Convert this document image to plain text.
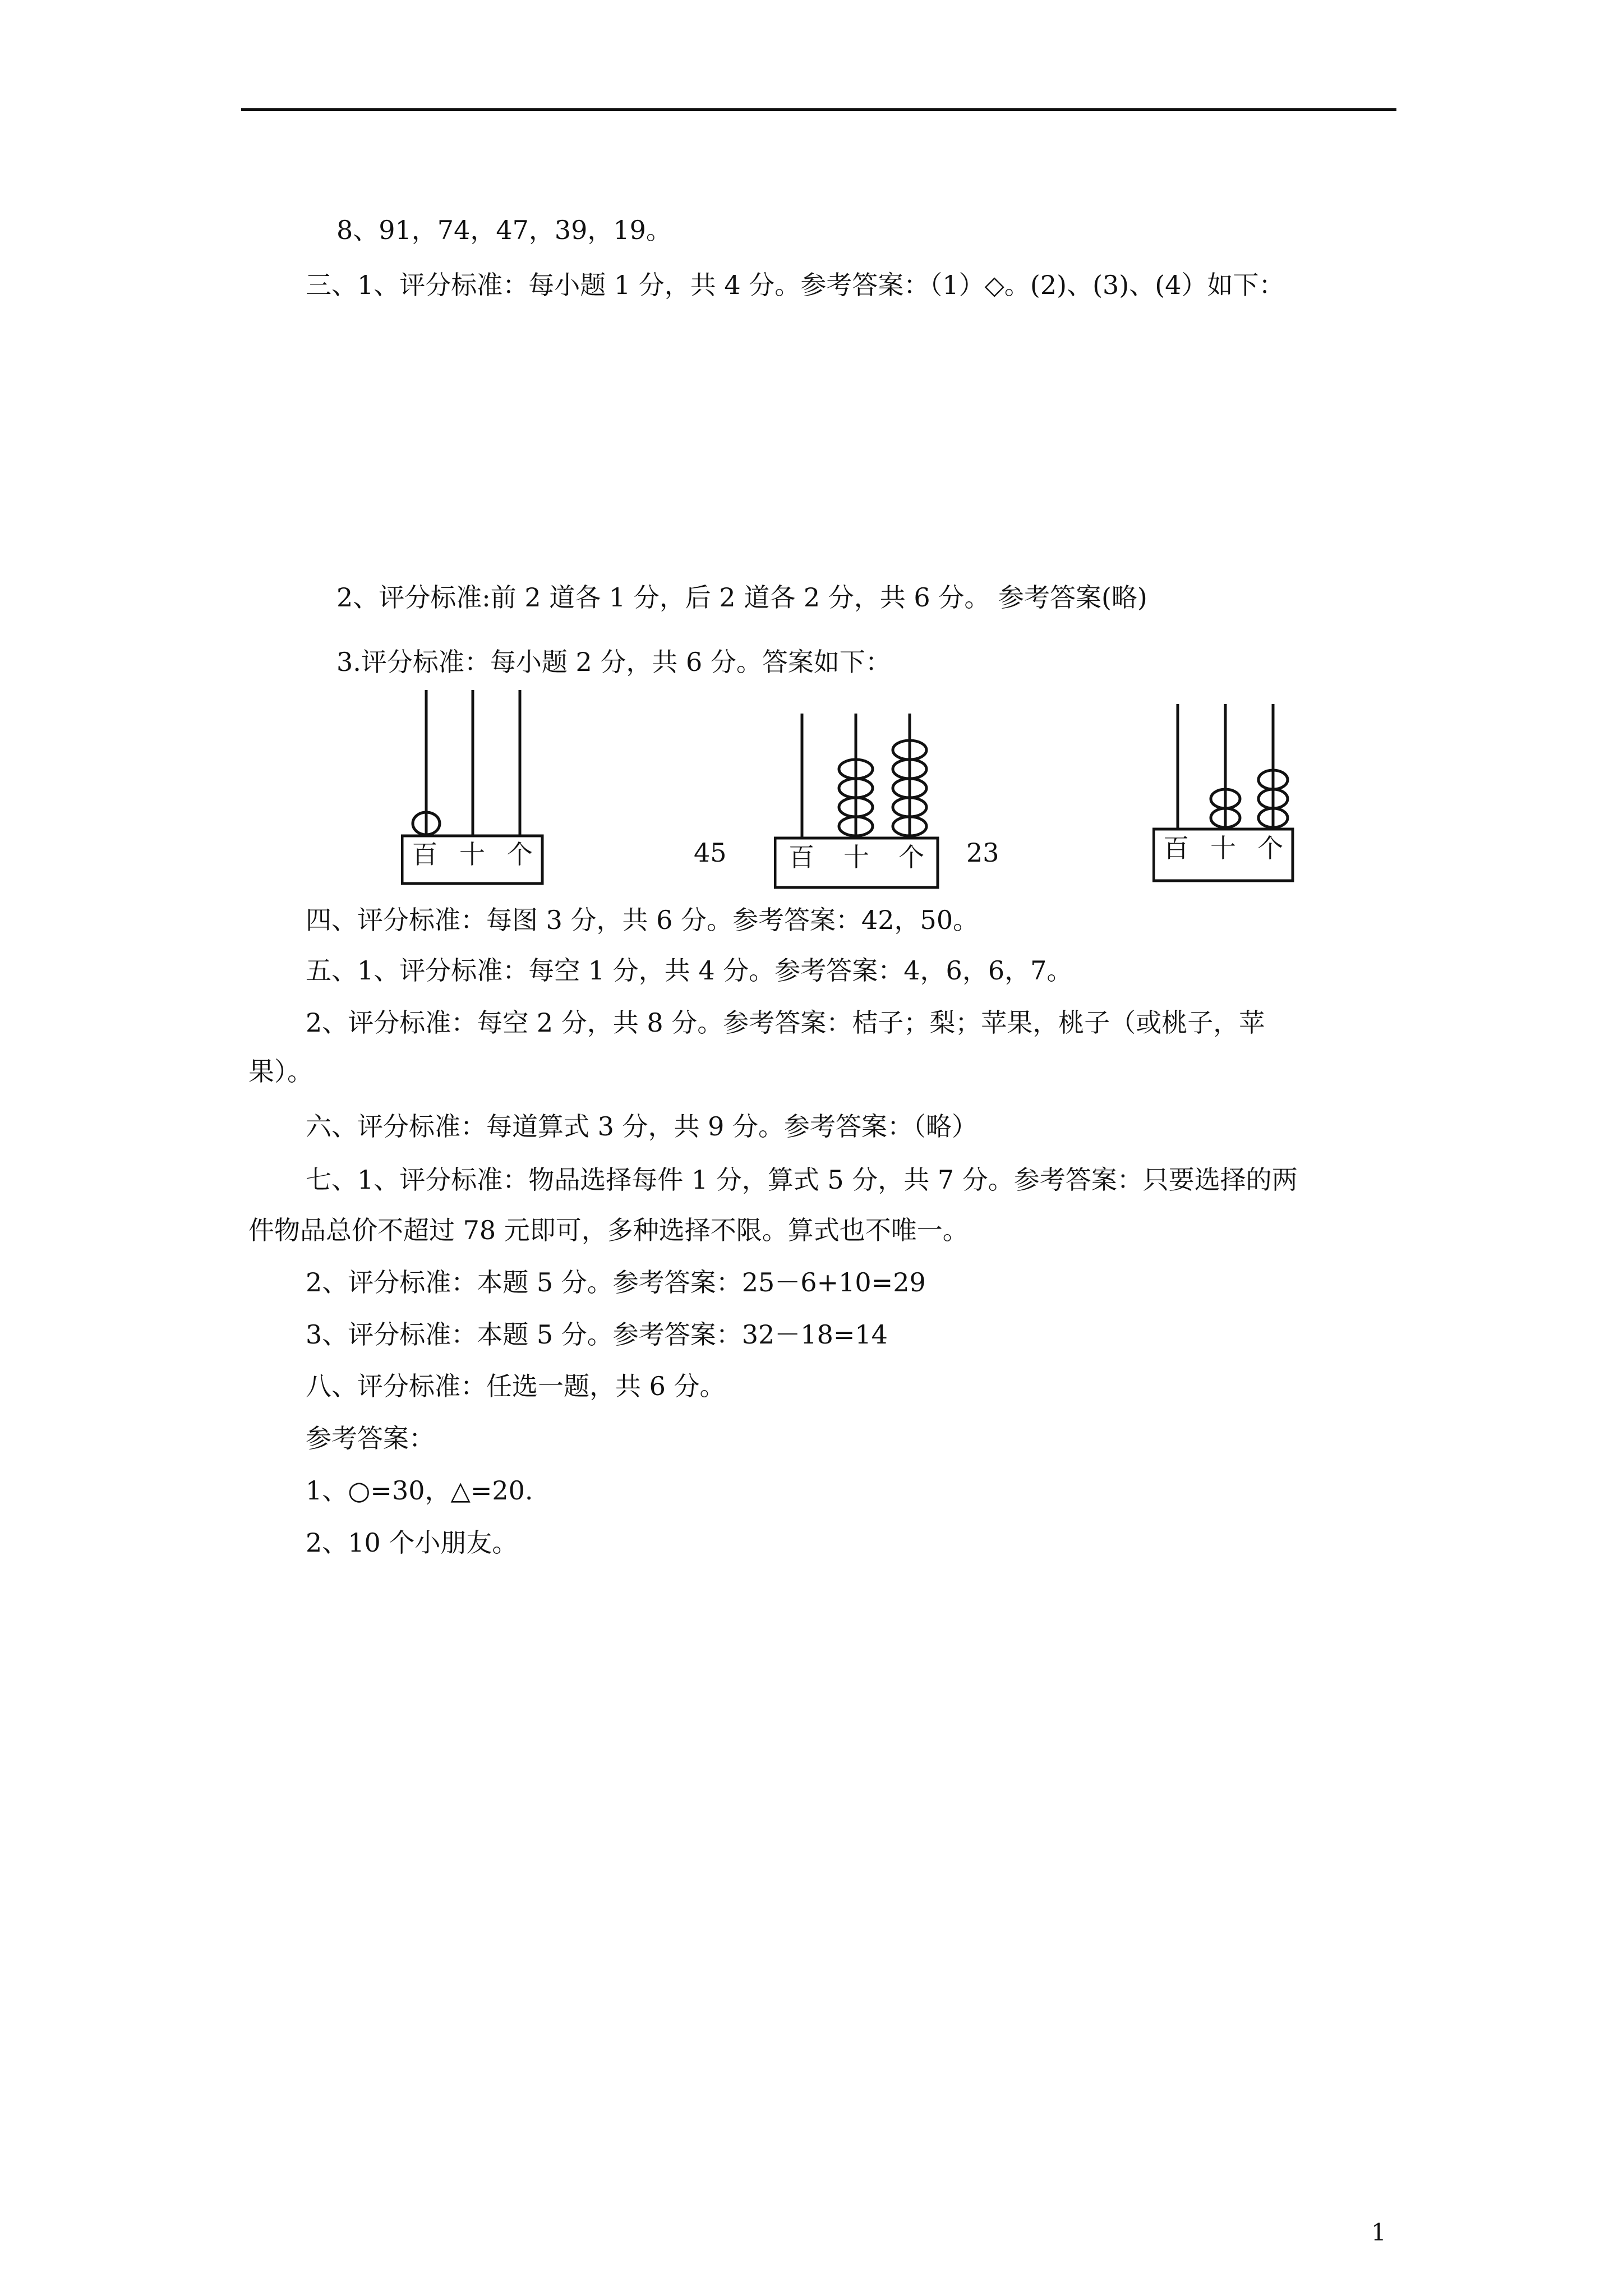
8、91，74，47，39，19。
三、1、评分标准：每小题 1 分，共 4 分。参考答案：（1）◇。(2)、(3)、(4）如下：
2、评分标准:前 2 道各 1 分，后 2 道各 2 分，共 6 分。 参考答案(略)
3.评分标准：每小题 2 分，共 6 分。答案如下：
百 十 个	45 百 十 个 23	百 十 个
四、评分标准：每图 3 分，共 6 分。参考答案：42，50。
五、1、评分标准：每空 1 分，共 4 分。参考答案：4，6，6，7。
2、评分标准：每空 2 分，共 8 分。参考答案：桔子；梨；苹果，桃子（或桃子，苹
果）。
六、评分标准：每道算式 3 分，共 9 分。参考答案：（略）
七、1、评分标准：物品选择每件 1 分，算式 5 分，共 7 分。参考答案：只要选择的两
件物品总价不超过 78 元即可，多种选择不限。算式也不唯一。
2、评分标准：本题 5 分。参考答案：25－6+10=29
3、评分标准：本题 5 分。参考答案：32－18=14
八、评分标准：任选一题，共 6 分。
参考答案：
1、○=30，△=20.
2、10 个小朋友。
1
